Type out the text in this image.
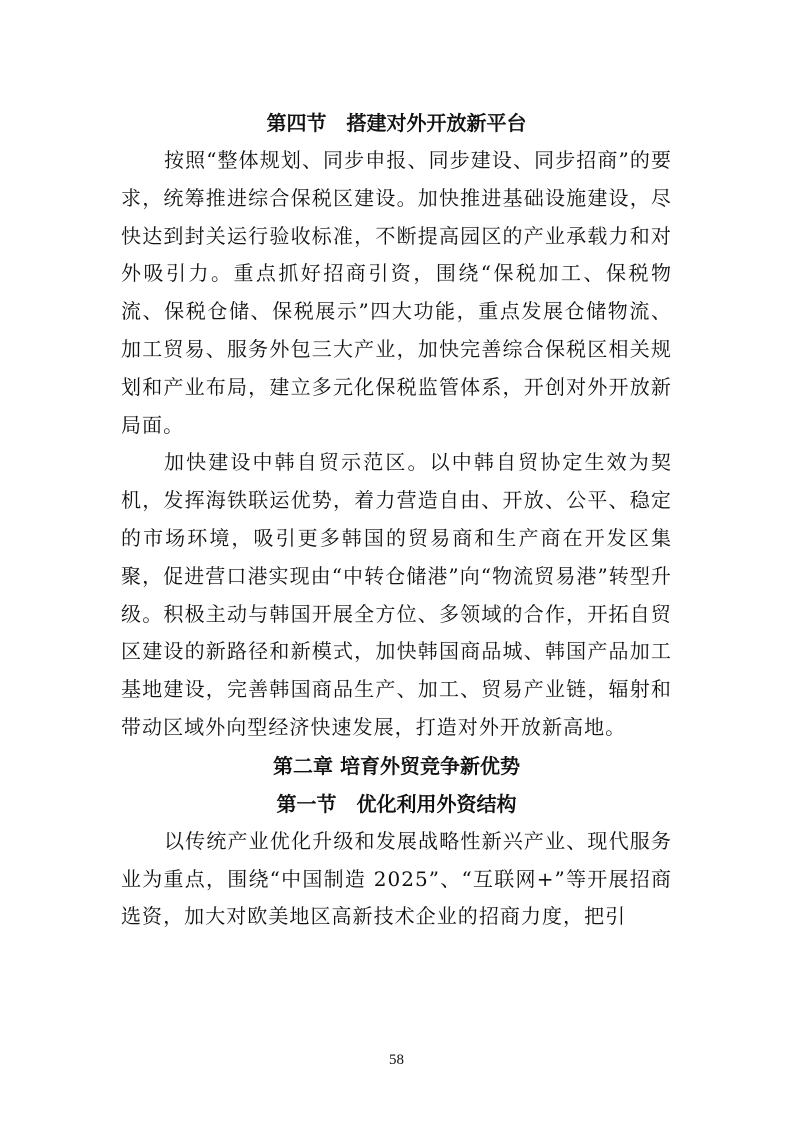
第四节　搭建对外开放新平台

按照“整体规划、同步申报、同步建设、同步招商”的要求，统筹推进综合保税区建设。加快推进基础设施建设，尽快达到封关运行验收标准，不断提高园区的产业承载力和对外吸引力。重点抓好招商引资，围绕“保税加工、保税物流、保税仓储、保税展示”四大功能，重点发展仓储物流、加工贸易、服务外包三大产业，加快完善综合保税区相关规划和产业布局，建立多元化保税监管体系，开创对外开放新局面。

加快建设中韩自贸示范区。以中韩自贸协定生效为契机，发挥海铁联运优势，着力营造自由、开放、公平、稳定的市场环境，吸引更多韩国的贸易商和生产商在开发区集聚，促进营口港实现由“中转仓储港”向“物流贸易港”转型升级。积极主动与韩国开展全方位、多领域的合作，开拓自贸区建设的新路径和新模式，加快韩国商品城、韩国产品加工基地建设，完善韩国商品生产、加工、贸易产业链，辐射和带动区域外向型经济快速发展，打造对外开放新高地。

第二章 培育外贸竞争新优势
第一节　优化利用外资结构

以传统产业优化升级和发展战略性新兴产业、现代服务业为重点，围绕“中国制造 2025”、“互联网+”等开展招商选资，加大对欧美地区高新技术企业的招商力度，把引

58
